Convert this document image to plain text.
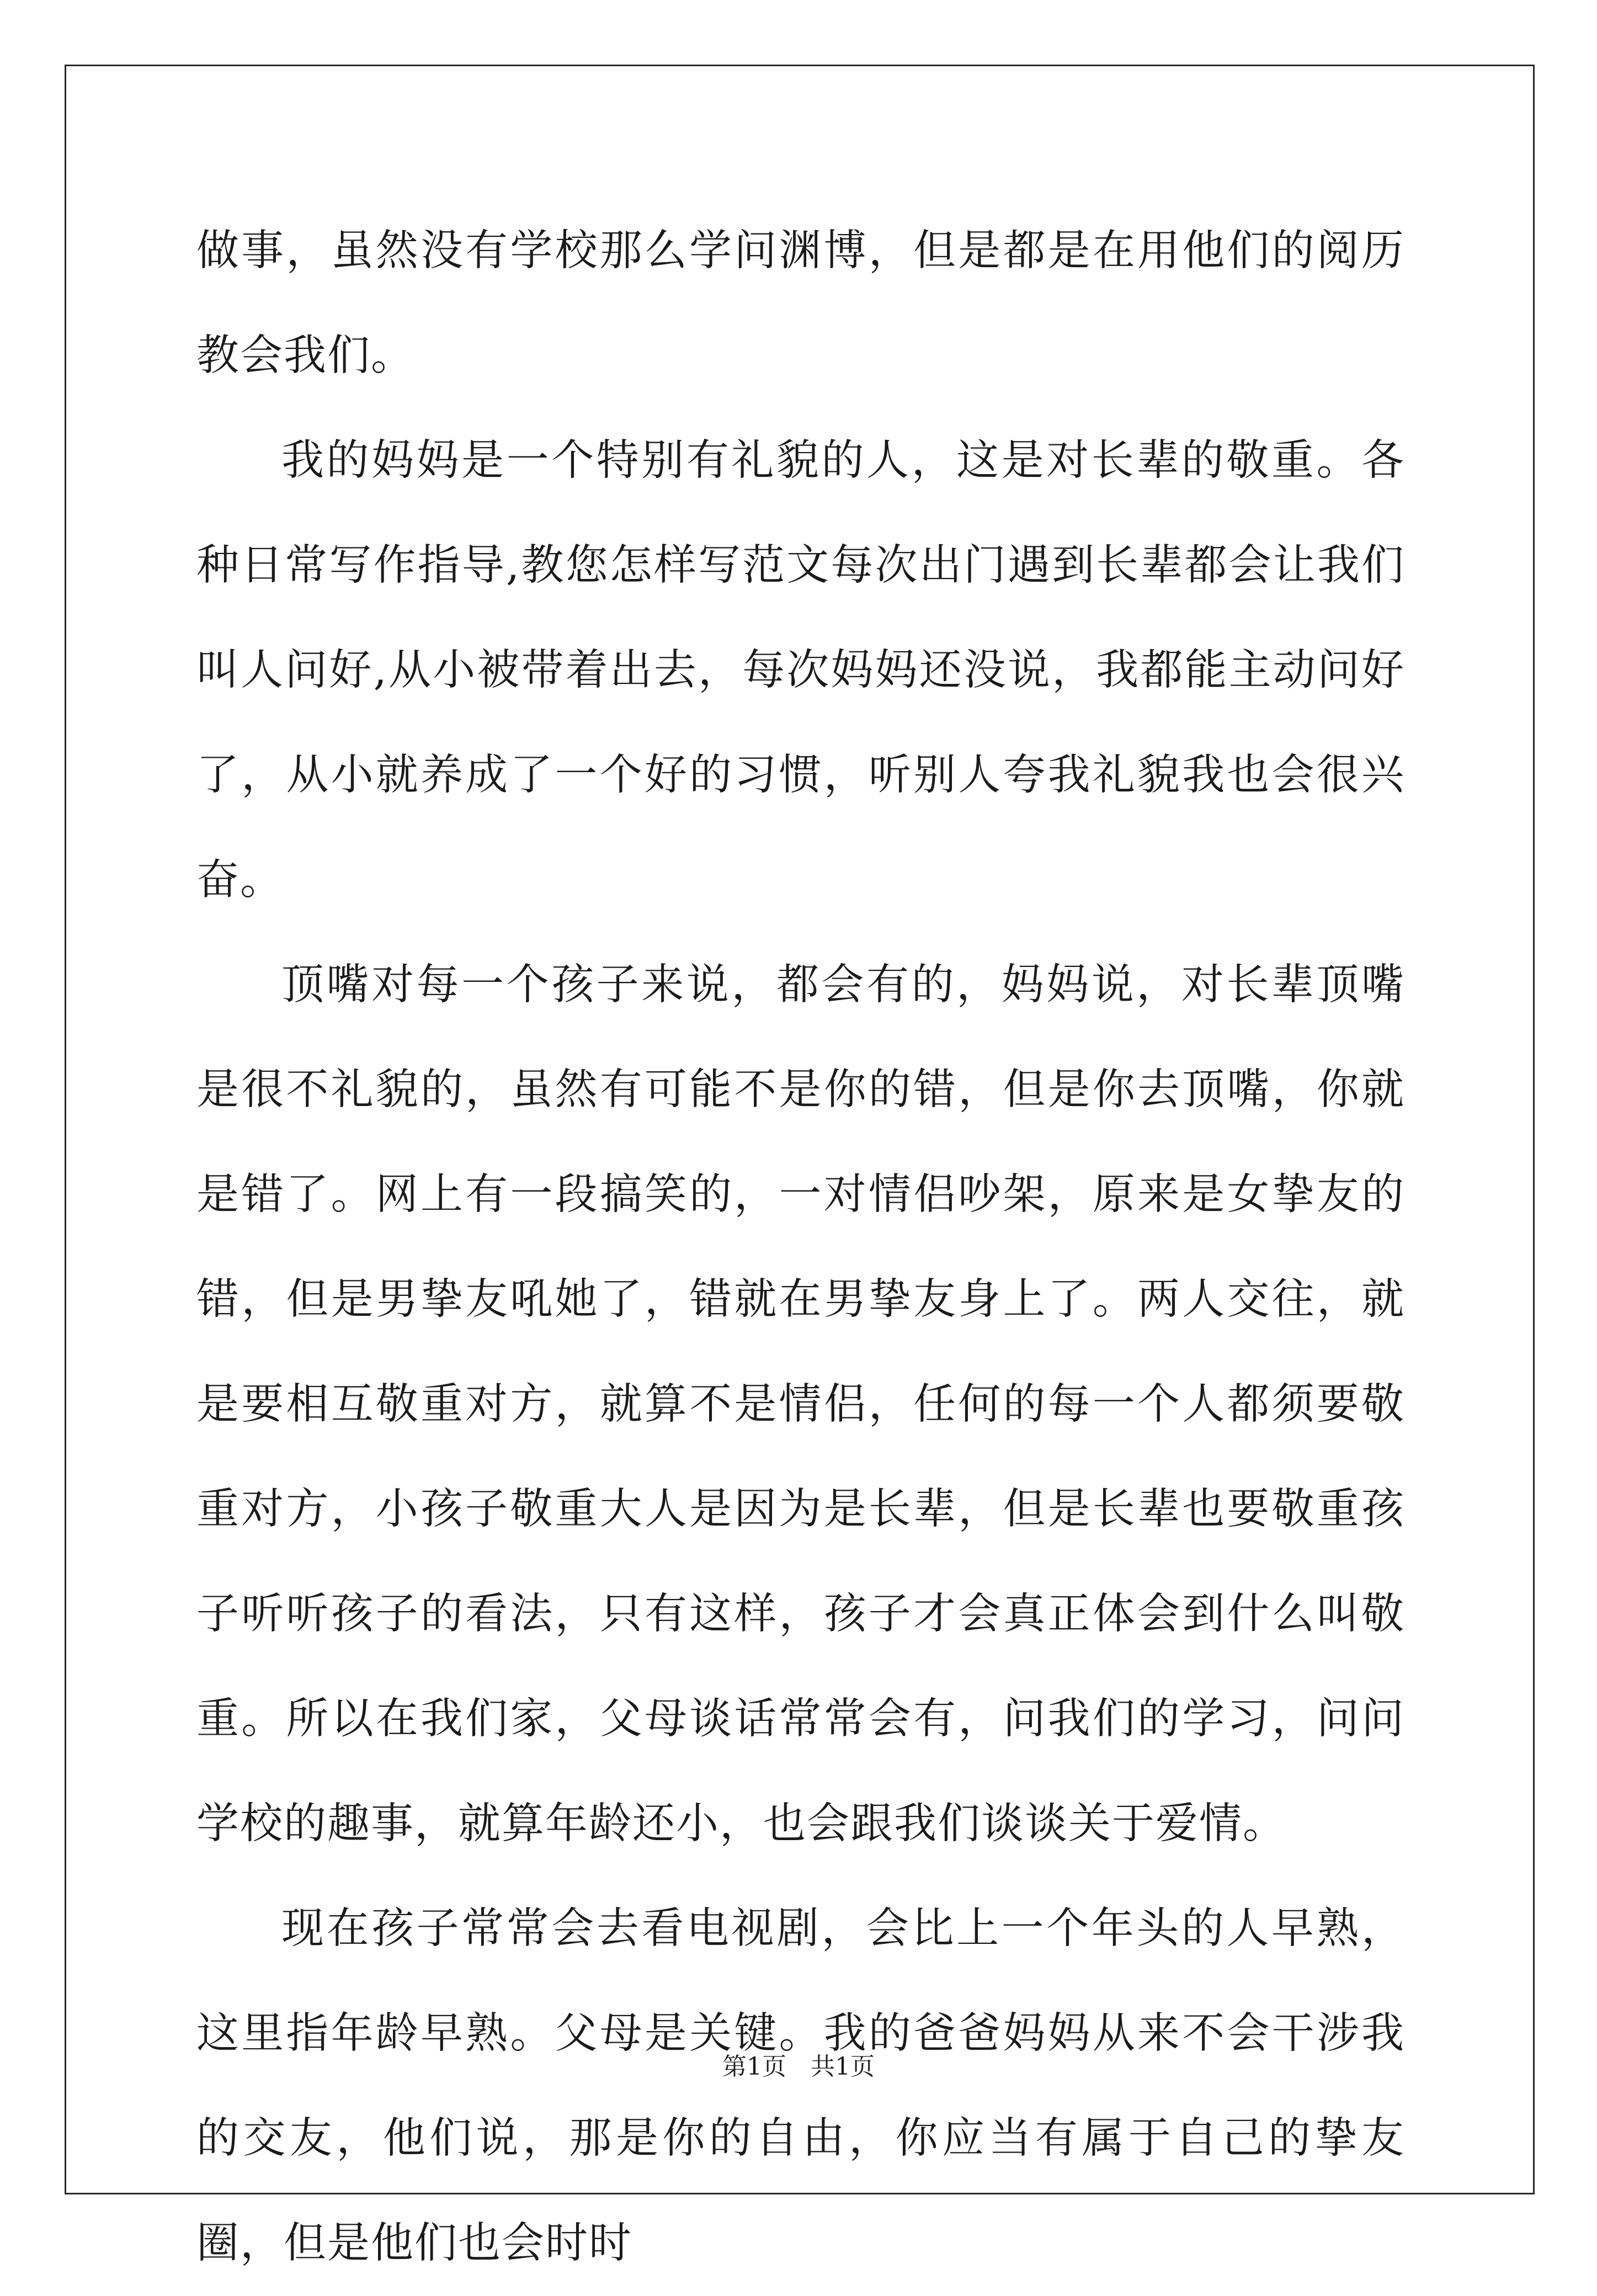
做事，虽然没有学校那么学问渊博，但是都是在用他们的阅历教会我们。

我的妈妈是一个特别有礼貌的人，这是对长辈的敬重。各种日常写作指导,教您怎样写范文每次出门遇到长辈都会让我们叫人问好,从小被带着出去，每次妈妈还没说，我都能主动问好了，从小就养成了一个好的习惯，听别人夸我礼貌我也会很兴奋。

顶嘴对每一个孩子来说，都会有的，妈妈说，对长辈顶嘴是很不礼貌的，虽然有可能不是你的错，但是你去顶嘴，你就是错了。网上有一段搞笑的，一对情侣吵架，原来是女挚友的错，但是男挚友吼她了，错就在男挚友身上了。两人交往，就是要相互敬重对方，就算不是情侣，任何的每一个人都须要敬重对方，小孩子敬重大人是因为是长辈，但是长辈也要敬重孩子听听孩子的看法，只有这样，孩子才会真正体会到什么叫敬重。所以在我们家，父母谈话常常会有，问我们的学习，问问学校的趣事，就算年龄还小，也会跟我们谈谈关于爱情。

现在孩子常常会去看电视剧，会比上一个年头的人早熟，这里指年龄早熟。父母是关键。我的爸爸妈妈从来不会干涉我的交友，他们说，那是你的自由，你应当有属于自己的挚友圈，但是他们也会时时

第1页　共1页
